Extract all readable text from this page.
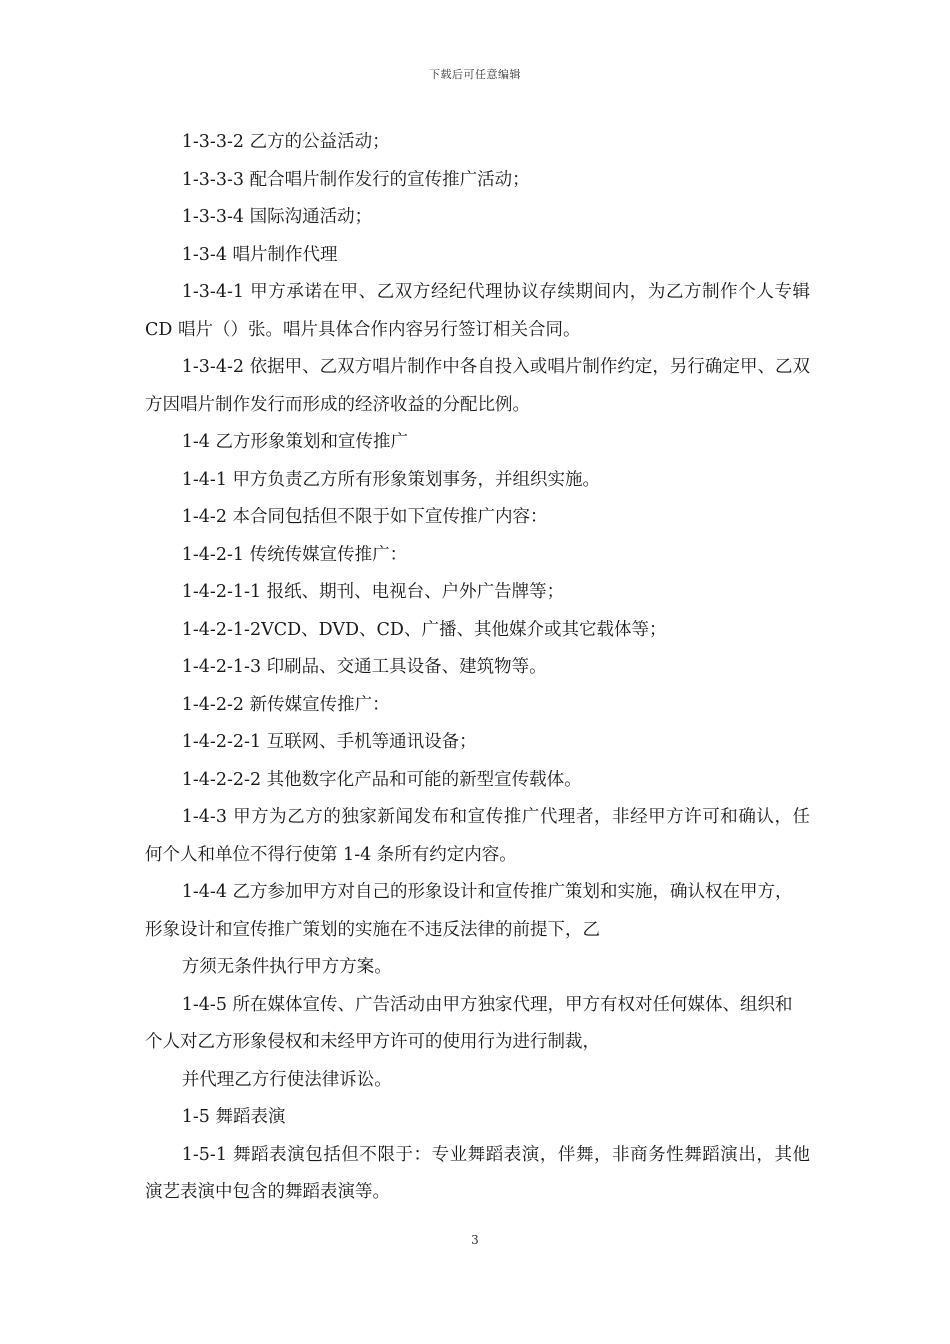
下载后可任意编辑

1-3-3-2 乙方的公益活动；

1-3-3-3 配合唱片制作发行的宣传推广活动；

1-3-3-4 国际沟通活动；

1-3-4 唱片制作代理

1-3-4-1 甲方承诺在甲、乙双方经纪代理协议存续期间内，为乙方制作个人专辑 CD 唱片（）张。唱片具体合作内容另行签订相关合同。

1-3-4-2 依据甲、乙双方唱片制作中各自投入或唱片制作约定，另行确定甲、乙双方因唱片制作发行而形成的经济收益的分配比例。

1-4 乙方形象策划和宣传推广

1-4-1 甲方负责乙方所有形象策划事务，并组织实施。

1-4-2 本合同包括但不限于如下宣传推广内容：

1-4-2-1 传统传媒宣传推广：

1-4-2-1-1 报纸、期刊、电视台、户外广告牌等；

1-4-2-1-2VCD、DVD、CD、广播、其他媒介或其它载体等；

1-4-2-1-3 印刷品、交通工具设备、建筑物等。

1-4-2-2 新传媒宣传推广：

1-4-2-2-1 互联网、手机等通讯设备；

1-4-2-2-2 其他数字化产品和可能的新型宣传载体。

1-4-3 甲方为乙方的独家新闻发布和宣传推广代理者，非经甲方许可和确认，任何个人和单位不得行使第 1-4 条所有约定内容。

1-4-4 乙方参加甲方对自己的形象设计和宣传推广策划和实施，确认权在甲方，形象设计和宣传推广策划的实施在不违反法律的前提下，乙

方须无条件执行甲方方案。

1-4-5 所在媒体宣传、广告活动由甲方独家代理，甲方有权对任何媒体、组织和个人对乙方形象侵权和未经甲方许可的使用行为进行制裁，

并代理乙方行使法律诉讼。

1-5 舞蹈表演

1-5-1 舞蹈表演包括但不限于：专业舞蹈表演，伴舞，非商务性舞蹈演出，其他演艺表演中包含的舞蹈表演等。

3
